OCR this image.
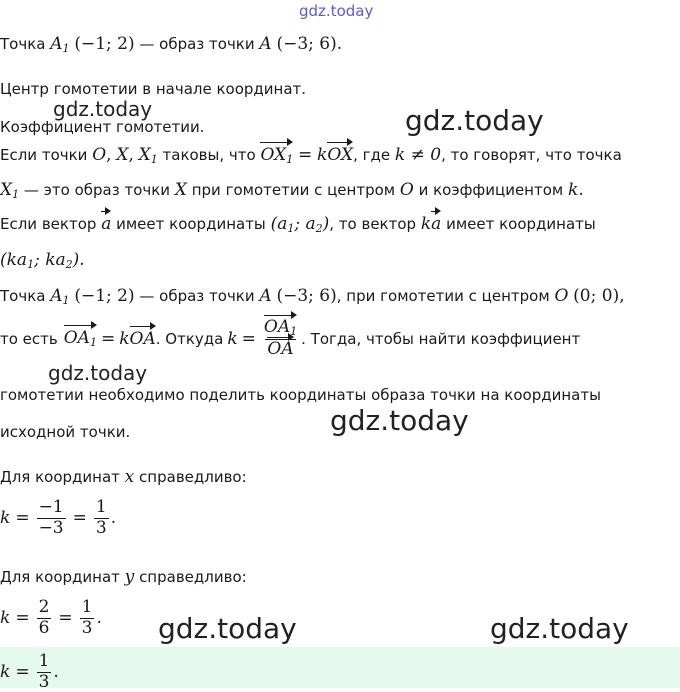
gdz.today
Точка $A_1$ (−1; 2) — образ точки A (−3; 6).
Центр гомотетии в начале координат.
gdz.today
Коэффициент гомотетии.	gdz.today
Если точки O, X, $X_1$ таковы, что $OX_1$ = kOX, где k ≠ 0, то говорят, что точка
$X_1$ — это образ точки X при гомотетии с центром O и коэффициентом k.
Если вектор a имеет координаты ($a_1$; $a_2$), то вектор ka имеет координаты
($ka_1$; $ka_2$).
Точка $A_1$ (−1; 2) — образ точки A (−3; 6), при гомотетии с центром O (0; 0),
то есть $OA_1 = k$ OA . Откуда $k = \frac{OA_1}{OA}$ . Тогда, чтобы найти коэффициент
gdz.today
гомотетии необходимо поделить координаты образа точки на координаты
gdz.today
исходной точки.
Для координат x справедливо:
$k = \frac{-1}{-3} = \frac{1}{3}$ .
Для координат y справедливо:
$k = \frac{2}{6} = \frac{1}{3}$ . gdz.today	gdz.today
$k = \frac{1}{3}$ .
